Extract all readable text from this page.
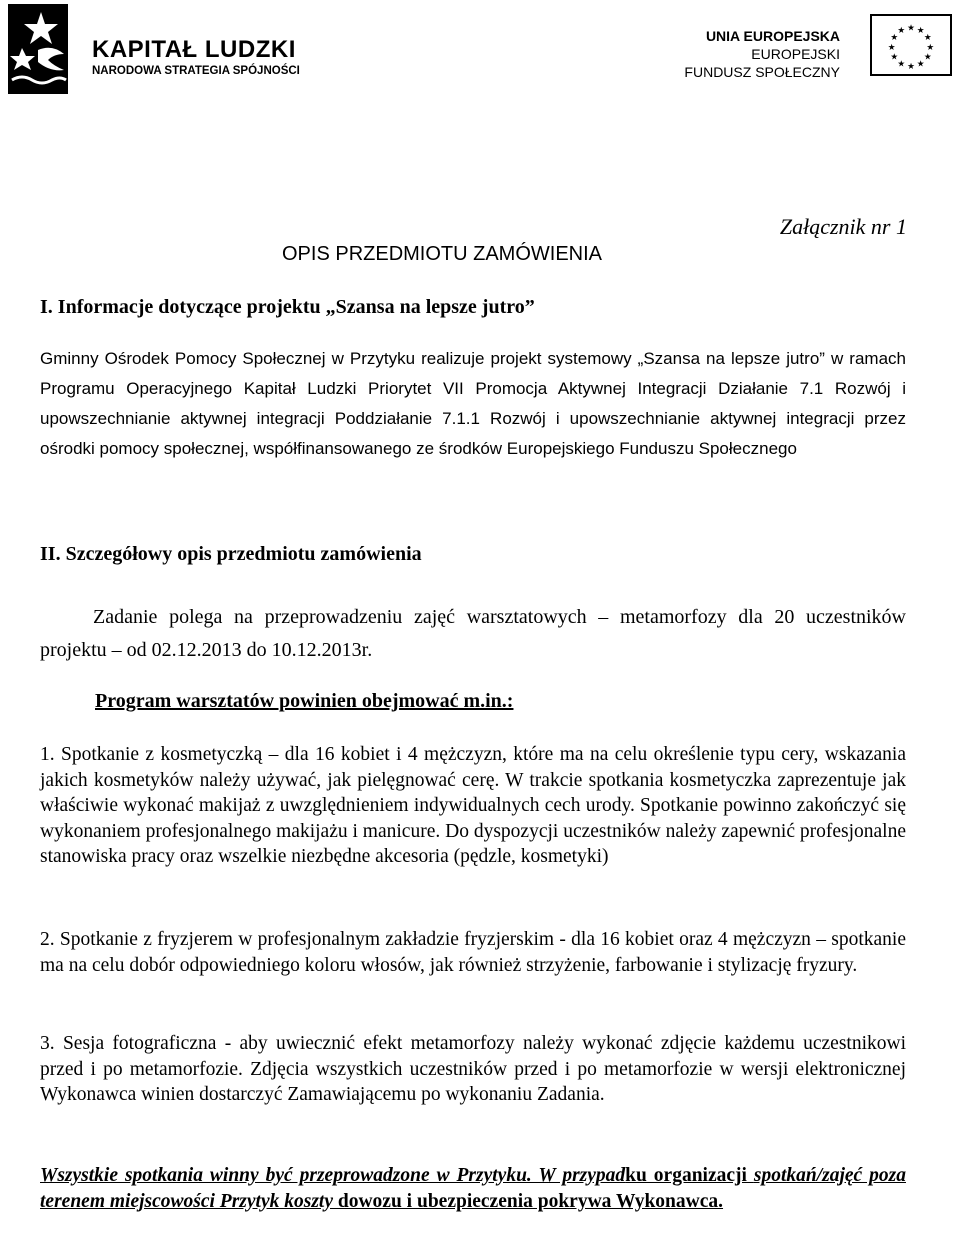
KAPITAŁ LUDZKI
NARODOWA STRATEGIA SPÓJNOŚCI
UNIA EUROPEJSKA
EUROPEJSKI
FUNDUSZ SPOŁECZNY
★ ★
★
★
★
★
★
★
★
★
★
★
Załącznik nr 1
OPIS PRZEDMIOTU ZAMÓWIENIA
I. Informacje dotyczące projektu „Szansa na lepsze jutro”
Gminny Ośrodek Pomocy Społecznej w Przytyku realizuje projekt systemowy „Szansa na lepsze jutro” w ramach Programu Operacyjnego Kapitał Ludzki Priorytet VII Promocja Aktywnej Integracji Działanie 7.1 Rozwój i upowszechnianie aktywnej integracji Poddziałanie 7.1.1 Rozwój i upowszechnianie aktywnej integracji przez ośrodki pomocy społecznej, współfinansowanego ze środków Europejskiego Funduszu Społecznego
II. Szczegółowy opis przedmiotu zamówienia
Zadanie polega na przeprowadzeniu zajęć warsztatowych – metamorfozy dla 20 uczestników projektu – od 02.12.2013 do 10.12.2013r.
Program warsztatów powinien obejmować m.in.:
1. Spotkanie z kosmetyczką – dla 16 kobiet i 4 mężczyzn, które ma na celu określenie typu cery, wskazania jakich kosmetyków należy używać, jak pielęgnować cerę. W trakcie spotkania kosmetyczka zaprezentuje jak właściwie wykonać makijaż z uwzględnieniem indywidualnych cech urody. Spotkanie powinno zakończyć się wykonaniem profesjonalnego makijażu i manicure. Do dyspozycji uczestników należy zapewnić profesjonalne stanowiska pracy oraz wszelkie niezbędne akcesoria (pędzle, kosmetyki)
2. Spotkanie z fryzjerem w profesjonalnym zakładzie fryzjerskim - dla 16 kobiet oraz 4 mężczyzn – spotkanie ma na celu dobór odpowiedniego koloru włosów, jak również strzyżenie, farbowanie i stylizację fryzury.
3. Sesja fotograficzna - aby uwiecznić efekt metamorfozy należy wykonać zdjęcie każdemu uczestnikowi przed i po metamorfozie. Zdjęcia wszystkich uczestników przed i po metamorfozie w wersji elektronicznej Wykonawca winien dostarczyć Zamawiającemu po wykonaniu Zadania.
Wszystkie spotkania winny być przeprowadzone w Przytyku. W przypadku organizacji spotkań/zajęć poza terenem miejscowości Przytyk koszty dowozu i ubezpieczenia pokrywa Wykonawca.
